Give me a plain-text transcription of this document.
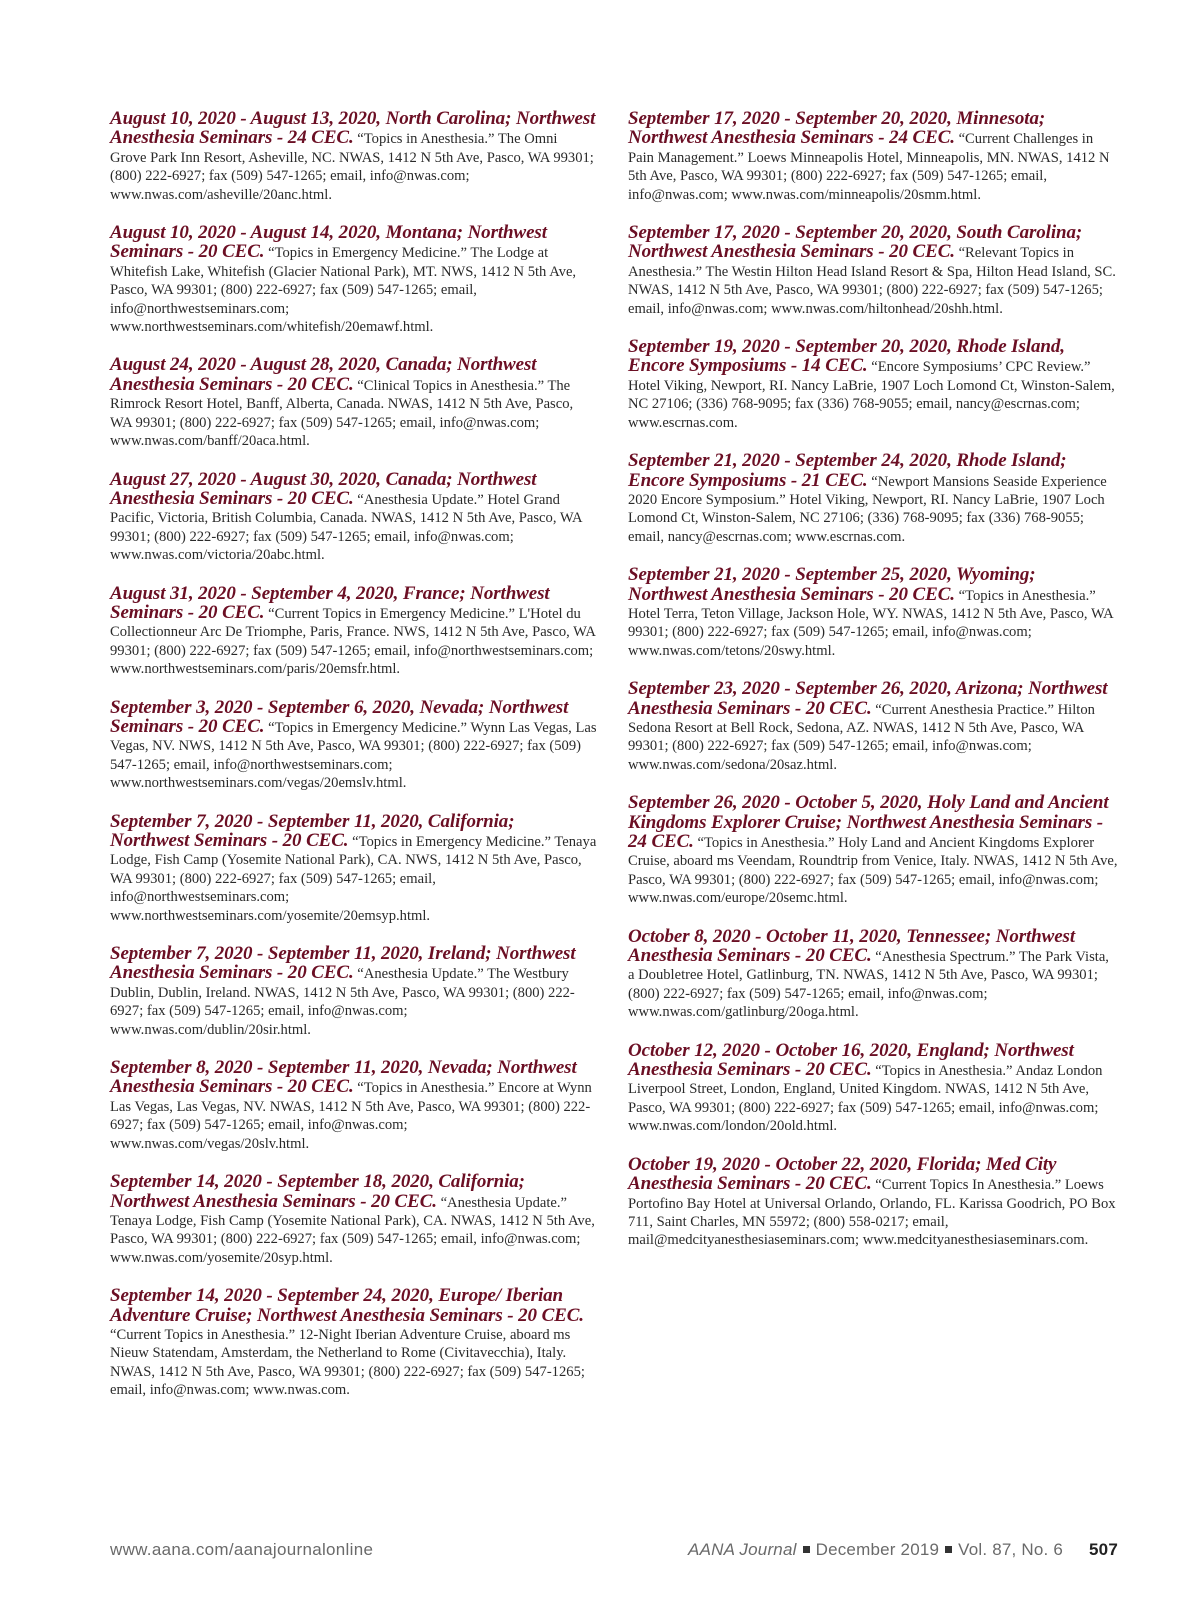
August 10, 2020 - August 13, 2020, North Carolina; Northwest Anesthesia Seminars - 24 CEC. “Topics in Anesthesia.” The Omni Grove Park Inn Resort, Asheville, NC. NWAS, 1412 N 5th Ave, Pasco, WA 99301; (800) 222-6927; fax (509) 547-1265; email, info@nwas.com; www.nwas.com/asheville/20anc.html.

August 10, 2020 - August 14, 2020, Montana; Northwest Seminars - 20 CEC. “Topics in Emergency Medicine.” The Lodge at Whitefish Lake, Whitefish (Glacier National Park), MT. NWS, 1412 N 5th Ave, Pasco, WA 99301; (800) 222-6927; fax (509) 547-1265; email, info@northwestseminars.com; www.northwestseminars.com/whitefish/20emawf.html.

August 24, 2020 - August 28, 2020, Canada; Northwest Anesthesia Seminars - 20 CEC. “Clinical Topics in Anesthesia.” The Rimrock Resort Hotel, Banff, Alberta, Canada. NWAS, 1412 N 5th Ave, Pasco, WA 99301; (800) 222-6927; fax (509) 547-1265; email, info@nwas.com; www.nwas.com/banff/20aca.html.

August 27, 2020 - August 30, 2020, Canada; Northwest Anesthesia Seminars - 20 CEC. “Anesthesia Update.” Hotel Grand Pacific, Victoria, British Columbia, Canada. NWAS, 1412 N 5th Ave, Pasco, WA 99301; (800) 222-6927; fax (509) 547-1265; email, info@nwas.com; www.nwas.com/victoria/20abc.html.

August 31, 2020 - September 4, 2020, France; Northwest Seminars - 20 CEC. “Current Topics in Emergency Medicine.” L'Hotel du Collectionneur Arc De Triomphe, Paris, France. NWS, 1412 N 5th Ave, Pasco, WA 99301; (800) 222-6927; fax (509) 547-1265; email, info@northwestseminars.com; www.northwestseminars.com/paris/20emsfr.html.

September 3, 2020 - September 6, 2020, Nevada; Northwest Seminars - 20 CEC. “Topics in Emergency Medicine.” Wynn Las Vegas, Las Vegas, NV. NWS, 1412 N 5th Ave, Pasco, WA 99301; (800) 222-6927; fax (509) 547-1265; email, info@northwestseminars.com; www.northwestseminars.com/vegas/20emslv.html.

September 7, 2020 - September 11, 2020, California; Northwest Seminars - 20 CEC. “Topics in Emergency Medicine.” Tenaya Lodge, Fish Camp (Yosemite National Park), CA. NWS, 1412 N 5th Ave, Pasco, WA 99301; (800) 222-6927; fax (509) 547-1265; email, info@northwestseminars.com; www.northwestseminars.com/yosemite/20emsyp.html.

September 7, 2020 - September 11, 2020, Ireland; Northwest Anesthesia Seminars - 20 CEC. “Anesthesia Update.” The Westbury Dublin, Dublin, Ireland. NWAS, 1412 N 5th Ave, Pasco, WA 99301; (800) 222-6927; fax (509) 547-1265; email, info@nwas.com; www.nwas.com/dublin/20sir.html.

September 8, 2020 - September 11, 2020, Nevada; Northwest Anesthesia Seminars - 20 CEC. “Topics in Anesthesia.” Encore at Wynn Las Vegas, Las Vegas, NV. NWAS, 1412 N 5th Ave, Pasco, WA 99301; (800) 222-6927; fax (509) 547-1265; email, info@nwas.com; www.nwas.com/vegas/20slv.html.

September 14, 2020 - September 18, 2020, California; Northwest Anesthesia Seminars - 20 CEC. “Anesthesia Update.” Tenaya Lodge, Fish Camp (Yosemite National Park), CA. NWAS, 1412 N 5th Ave, Pasco, WA 99301; (800) 222-6927; fax (509) 547-1265; email, info@nwas.com; www.nwas.com/yosemite/20syp.html.

September 14, 2020 - September 24, 2020, Europe/ Iberian Adventure Cruise; Northwest Anesthesia Seminars - 20 CEC. “Current Topics in Anesthesia.” 12-Night Iberian Adventure Cruise, aboard ms Nieuw Statendam, Amsterdam, the Netherland to Rome (Civitavecchia), Italy. NWAS, 1412 N 5th Ave, Pasco, WA 99301; (800) 222-6927; fax (509) 547-1265; email, info@nwas.com; www.nwas.com.

September 17, 2020 - September 20, 2020, Minnesota; Northwest Anesthesia Seminars - 24 CEC. “Current Challenges in Pain Management.” Loews Minneapolis Hotel, Minneapolis, MN. NWAS, 1412 N 5th Ave, Pasco, WA 99301; (800) 222-6927; fax (509) 547-1265; email, info@nwas.com; www.nwas.com/minneapolis/20smm.html.

September 17, 2020 - September 20, 2020, South Carolina; Northwest Anesthesia Seminars - 20 CEC. “Relevant Topics in Anesthesia.” The Westin Hilton Head Island Resort & Spa, Hilton Head Island, SC. NWAS, 1412 N 5th Ave, Pasco, WA 99301; (800) 222-6927; fax (509) 547-1265; email, info@nwas.com; www.nwas.com/hiltonhead/20shh.html.

September 19, 2020 - September 20, 2020, Rhode Island, Encore Symposiums - 14 CEC. “Encore Symposiums’ CPC Review.” Hotel Viking, Newport, RI. Nancy LaBrie, 1907 Loch Lomond Ct, Winston-Salem, NC 27106; (336) 768-9095; fax (336) 768-9055; email, nancy@escrnas.com; www.escrnas.com.

September 21, 2020 - September 24, 2020, Rhode Island; Encore Symposiums - 21 CEC. “Newport Mansions Seaside Experience 2020 Encore Symposium.” Hotel Viking, Newport, RI. Nancy LaBrie, 1907 Loch Lomond Ct, Winston-Salem, NC 27106; (336) 768-9095; fax (336) 768-9055; email, nancy@escrnas.com; www.escrnas.com.

September 21, 2020 - September 25, 2020, Wyoming; Northwest Anesthesia Seminars - 20 CEC. “Topics in Anesthesia.” Hotel Terra, Teton Village, Jackson Hole, WY. NWAS, 1412 N 5th Ave, Pasco, WA 99301; (800) 222-6927; fax (509) 547-1265; email, info@nwas.com; www.nwas.com/tetons/20swy.html.

September 23, 2020 - September 26, 2020, Arizona; Northwest Anesthesia Seminars - 20 CEC. “Current Anesthesia Practice.” Hilton Sedona Resort at Bell Rock, Sedona, AZ. NWAS, 1412 N 5th Ave, Pasco, WA 99301; (800) 222-6927; fax (509) 547-1265; email, info@nwas.com; www.nwas.com/sedona/20saz.html.

September 26, 2020 - October 5, 2020, Holy Land and Ancient Kingdoms Explorer Cruise; Northwest Anesthesia Seminars - 24 CEC. “Topics in Anesthesia.” Holy Land and Ancient Kingdoms Explorer Cruise, aboard ms Veendam, Roundtrip from Venice, Italy. NWAS, 1412 N 5th Ave, Pasco, WA 99301; (800) 222-6927; fax (509) 547-1265; email, info@nwas.com; www.nwas.com/europe/20semc.html.

October 8, 2020 - October 11, 2020, Tennessee; Northwest Anesthesia Seminars - 20 CEC. “Anesthesia Spectrum.” The Park Vista, a Doubletree Hotel, Gatlinburg, TN. NWAS, 1412 N 5th Ave, Pasco, WA 99301; (800) 222-6927; fax (509) 547-1265; email, info@nwas.com; www.nwas.com/gatlinburg/20oga.html.

October 12, 2020 - October 16, 2020, England; Northwest Anesthesia Seminars - 20 CEC. “Topics in Anesthesia.” Andaz London Liverpool Street, London, England, United Kingdom. NWAS, 1412 N 5th Ave, Pasco, WA 99301; (800) 222-6927; fax (509) 547-1265; email, info@nwas.com; www.nwas.com/london/20old.html.

October 19, 2020 - October 22, 2020, Florida; Med City Anesthesia Seminars - 20 CEC. “Current Topics In Anesthesia.” Loews Portofino Bay Hotel at Universal Orlando, Orlando, FL. Karissa Goodrich, PO Box 711, Saint Charles, MN 55972; (800) 558-0217; email, mail@medcityanesthesiaseminars.com; www.medcityanesthesiaseminars.com.

www.aana.com/aanajournalonline	AANA Journal December 2019 Vol. 87, No. 6 507
